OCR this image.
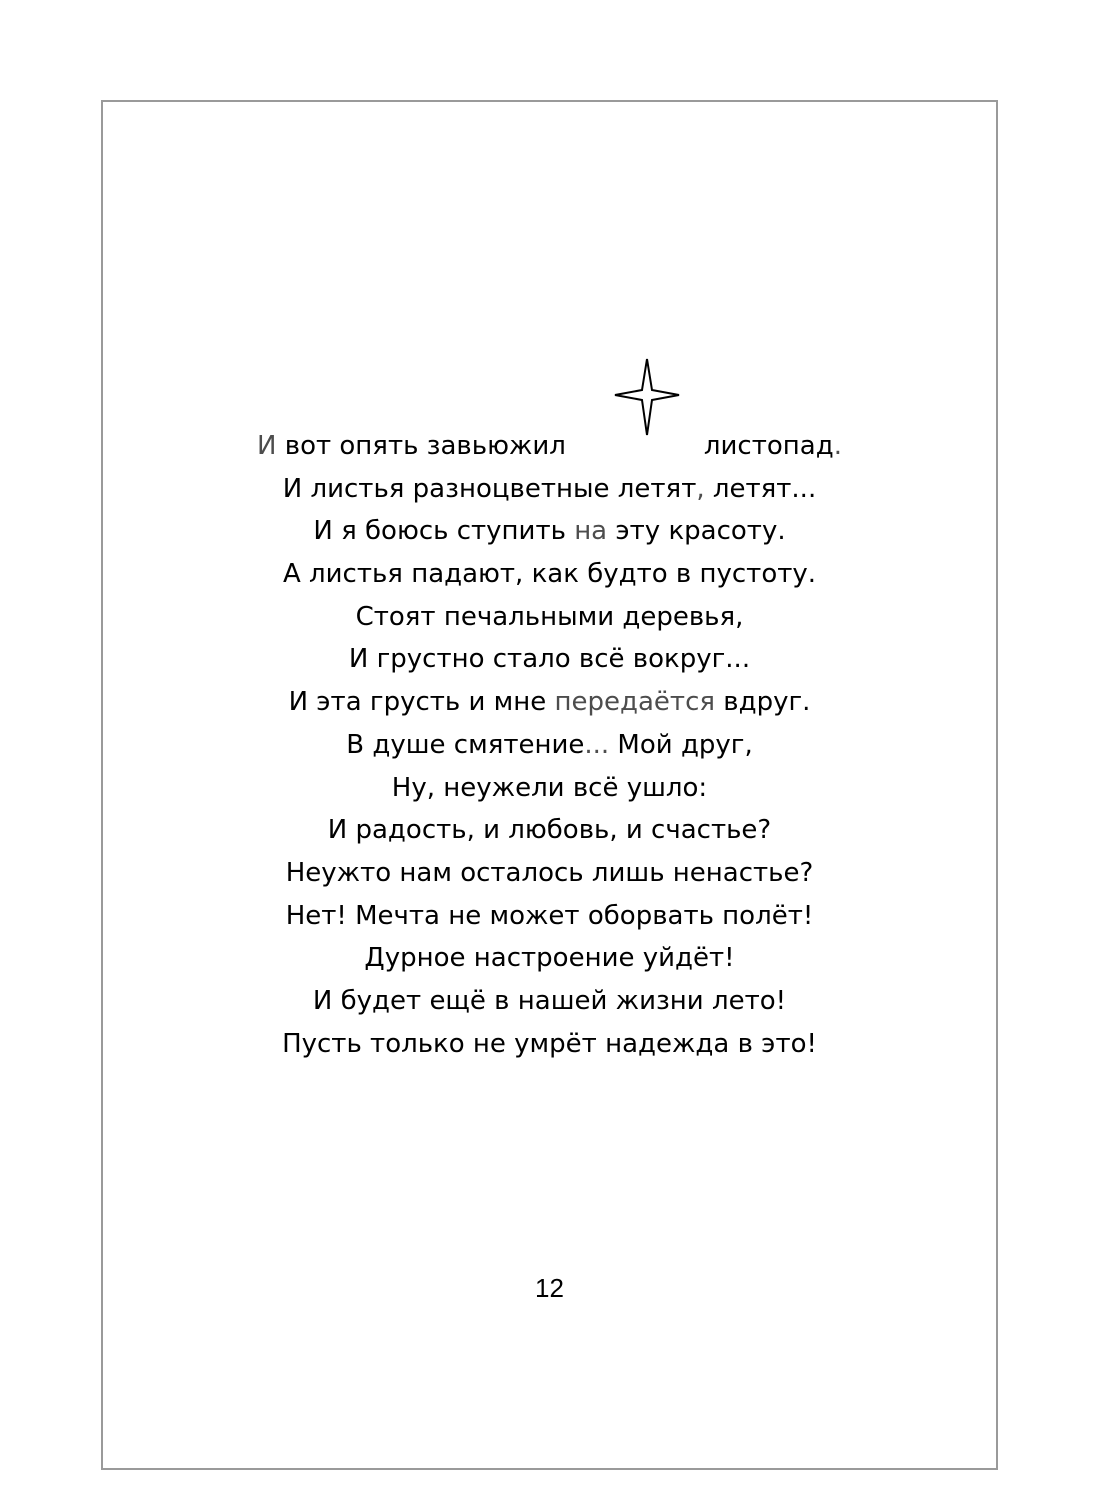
И вот опять завьюжил	листопад.
И листья разноцветные летят, летят...
И я боюсь ступить на эту красоту.
А листья падают, как будто в пустоту.
Стоят печальными деревья,
И грустно стало всё вокруг...
И эта грусть и мне передаётся вдруг.
В душе смятение... Мой друг,
Ну, неужели всё ушло:
И радость, и любовь, и счастье?
Неужто нам осталось лишь ненастье?
Нет! Мечта не может оборвать полёт!
Дурное настроение уйдёт!
И будет ещё в нашей жизни лето!
Пусть только не умрёт надежда в это!
12
